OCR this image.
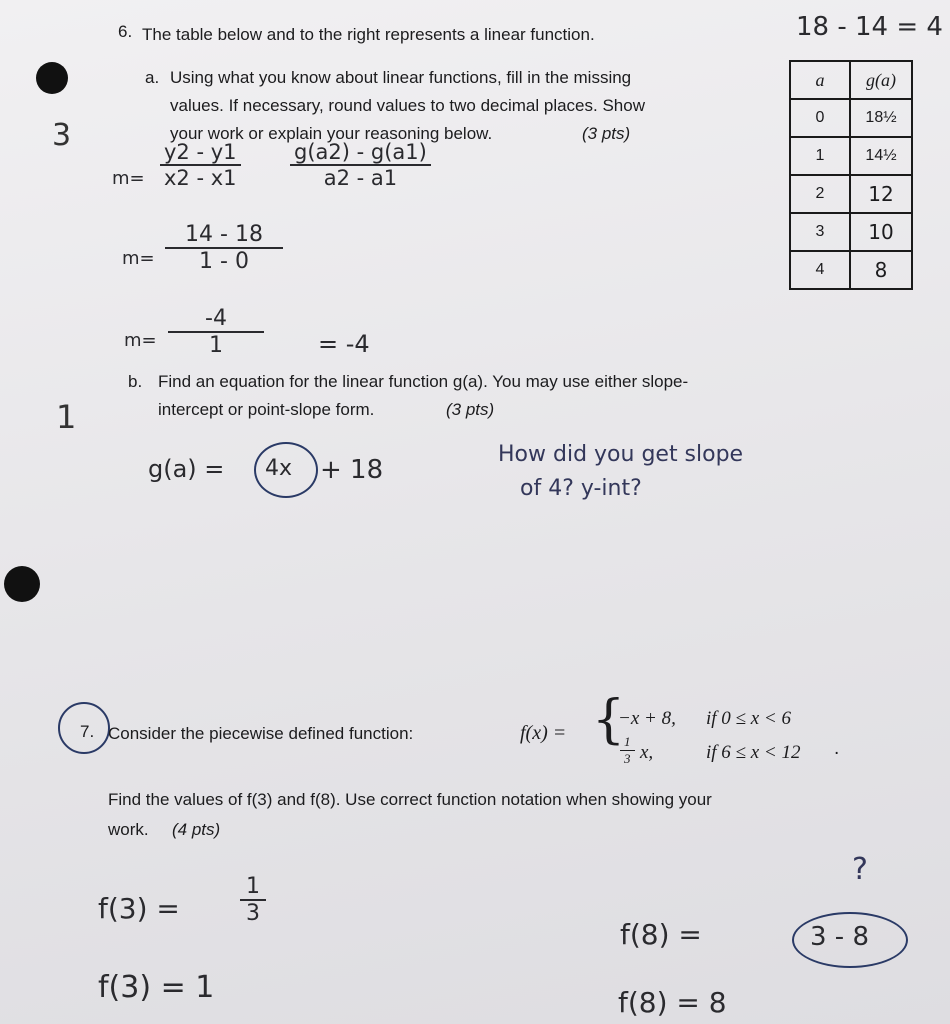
6. The table below and to the right represents a linear function.	18 - 14 = 4
a. Using what you know about linear functions, fill in the missing
values. If necessary, round values to two decimal places. Show
your work or explain your reasoning below.	(3 pts)
3
a	g(a)
0	18½
1	14½
2	12
3	10
4	8
m=
y2 - y1
x2 - x1
g(a2) - g(a1)
a2 - a1
m=
14 - 18
1 - 0
m=
-4
1	= -4
b. Find an equation for the linear function g(a). You may use either slope-
intercept or point-slope form.	(3 pts)
1
g(a) = 4x + 18
How did you get slope
of 4? y-int?
7. Consider the piecewise defined function:	f(x) = {
−x + 8, if 0 ≤ x < 6
1
3 x,	if 6 ≤ x < 12 .
Find the values of f(3) and f(8). Use correct function notation when showing your
work. (4 pts)
f(3) =
1
3
f(3) = 1
?
f(8) =	3 - 8
f(8) = 8
